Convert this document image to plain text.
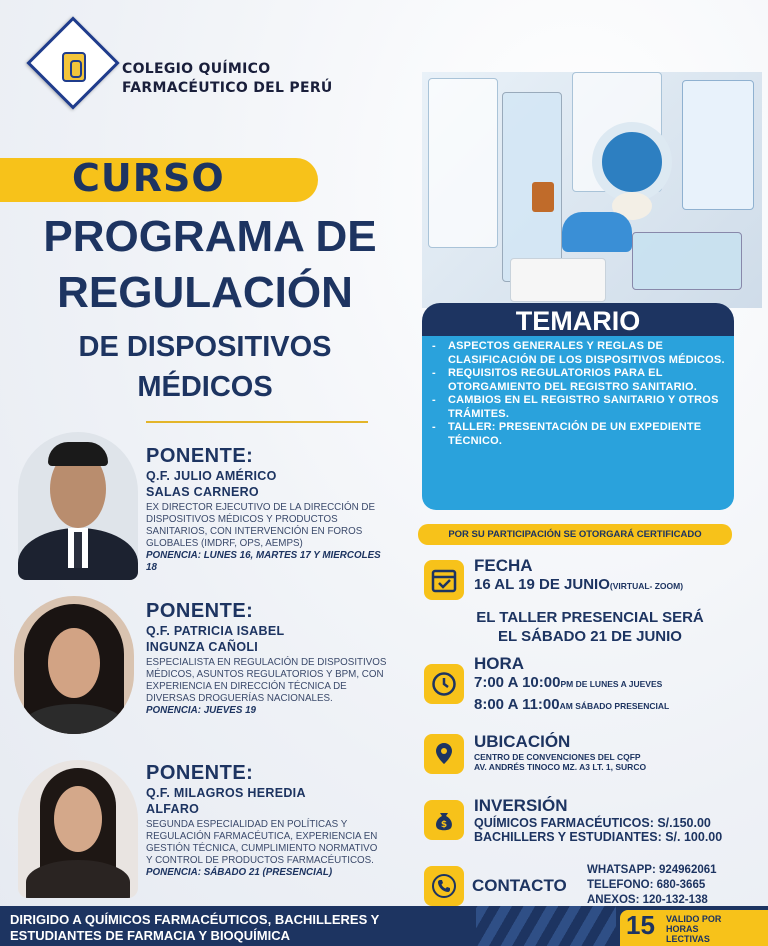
COLEGIO QUÍMICO
FARMACÉUTICO DEL PERÚ
CURSO
PROGRAMA DE
REGULACIÓN
DE DISPOSITIVOS
MÉDICOS
PONENTE:
Q.F. JULIO AMÉRICO
SALAS CARNERO
EX DIRECTOR EJECUTIVO DE LA DIRECCIÓN DE DISPOSITIVOS MÉDICOS Y PRODUCTOS SANITARIOS, CON INTERVENCIÓN EN FOROS GLOBALES (IMDRF, OPS, AEMPS)
PONENCIA: LUNES 16, MARTES 17 Y MIERCOLES 18
PONENTE:
Q.F. PATRICIA ISABEL
INGUNZA CAÑOLI
ESPECIALISTA EN REGULACIÓN DE DISPOSITIVOS MÉDICOS, ASUNTOS REGULATORIOS Y BPM, CON EXPERIENCIA EN DIRECCIÓN TÉCNICA DE DIVERSAS DROGUERÍAS NACIONALES.
PONENCIA: JUEVES 19
PONENTE:
Q.F. MILAGROS HEREDIA
ALFARO
SEGUNDA ESPECIALIDAD EN POLÍTICAS Y REGULACIÓN FARMACÉUTICA, EXPERIENCIA EN GESTIÓN TÉCNICA, CUMPLIMIENTO NORMATIVO Y CONTROL DE PRODUCTOS FARMACÉUTICOS.
PONENCIA: SÁBADO 21 (PRESENCIAL)
TEMARIO
- ASPECTOS GENERALES Y REGLAS DE CLASIFICACIÓN DE LOS DISPOSITIVOS MÉDICOS.
- REQUISITOS REGULATORIOS PARA EL OTORGAMIENTO DEL REGISTRO SANITARIO.
- CAMBIOS EN EL REGISTRO SANITARIO Y OTROS TRÁMITES.
- TALLER: PRESENTACIÓN DE UN EXPEDIENTE TÉCNICO.
POR SU PARTICIPACIÓN SE OTORGARÁ CERTIFICADO
FECHA
16 AL 19 DE JUNIO(VIRTUAL- ZOOM)
EL TALLER PRESENCIAL SERÁ
EL SÁBADO 21 DE JUNIO
HORA
7:00 A 10:00PM DE LUNES A JUEVES
8:00 A 11:00AM SÁBADO PRESENCIAL
UBICACIÓN
CENTRO DE CONVENCIONES DEL CQFP
AV. ANDRÉS TINOCO MZ. A3 LT. 1, SURCO
$
INVERSIÓN
QUÍMICOS FARMACÉUTICOS: S/.150.00
BACHILLERS Y ESTUDIANTES: S/. 100.00
CONTACTO
WHATSAPP: 924962061
TELEFONO: 680-3665
ANEXOS: 120-132-138
DIRIGIDO A QUÍMICOS FARMACÉUTICOS, BACHILLERES Y
ESTUDIANTES DE FARMACIA Y BIOQUÍMICA	15 VALIDO POR
HORAS
LECTIVAS
